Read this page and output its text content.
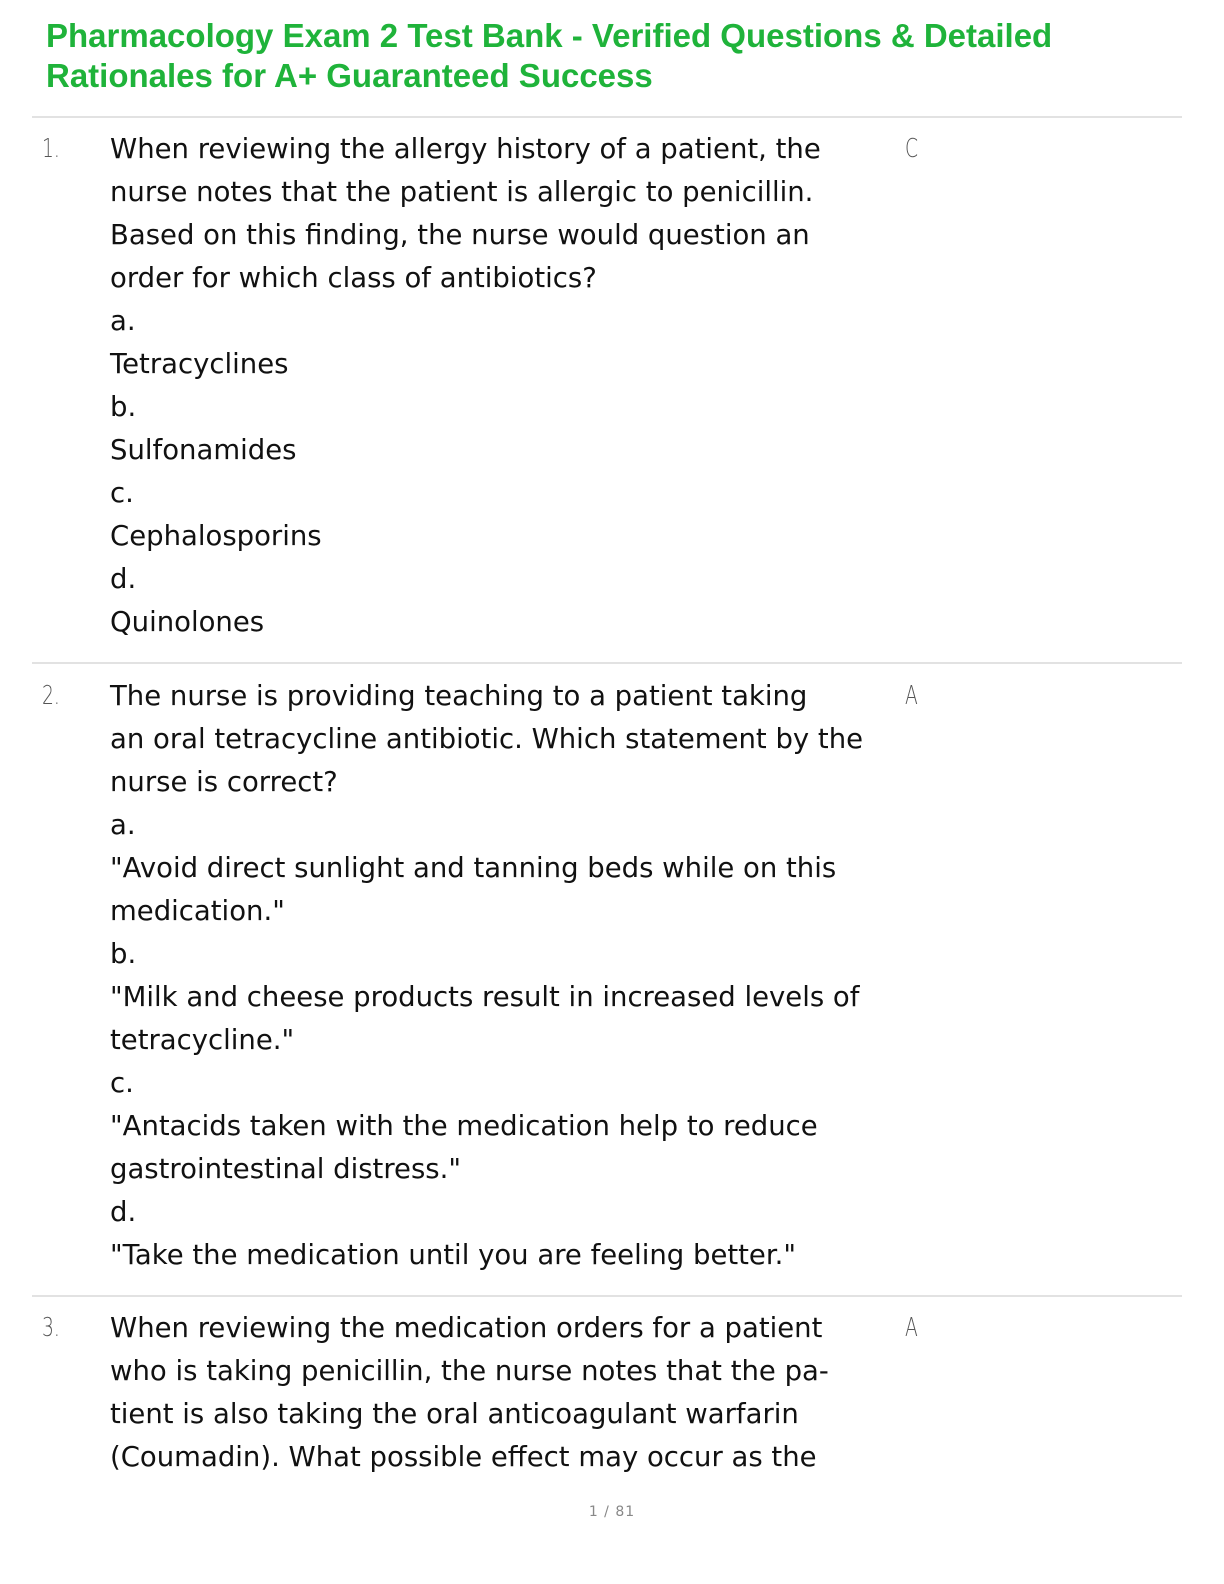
Pharmacology Exam 2 Test Bank - Verified Questions & Detailed
Rationales for A+ Guaranteed Success
1. When reviewing the allergy history of a patient, the
nurse notes that the patient is allergic to penicillin.
Based on this finding, the nurse would question an
order for which class of antibiotics?
a.
Tetracyclines
b.
Sulfonamides
c.
Cephalosporins
d.
Quinolones
C
2. The nurse is providing teaching to a patient taking
an oral tetracycline antibiotic. Which statement by the
nurse is correct?
a.
"Avoid direct sunlight and tanning beds while on this
medication."
b.
"Milk and cheese products result in increased levels of
tetracycline."
c.
"Antacids taken with the medication help to reduce
gastrointestinal distress."
d.
"Take the medication until you are feeling better."
A
3. When reviewing the medication orders for a patient
who is taking penicillin, the nurse notes that the pa-
tient is also taking the oral anticoagulant warfarin
(Coumadin). What possible effect may occur as the
A
1 / 81
